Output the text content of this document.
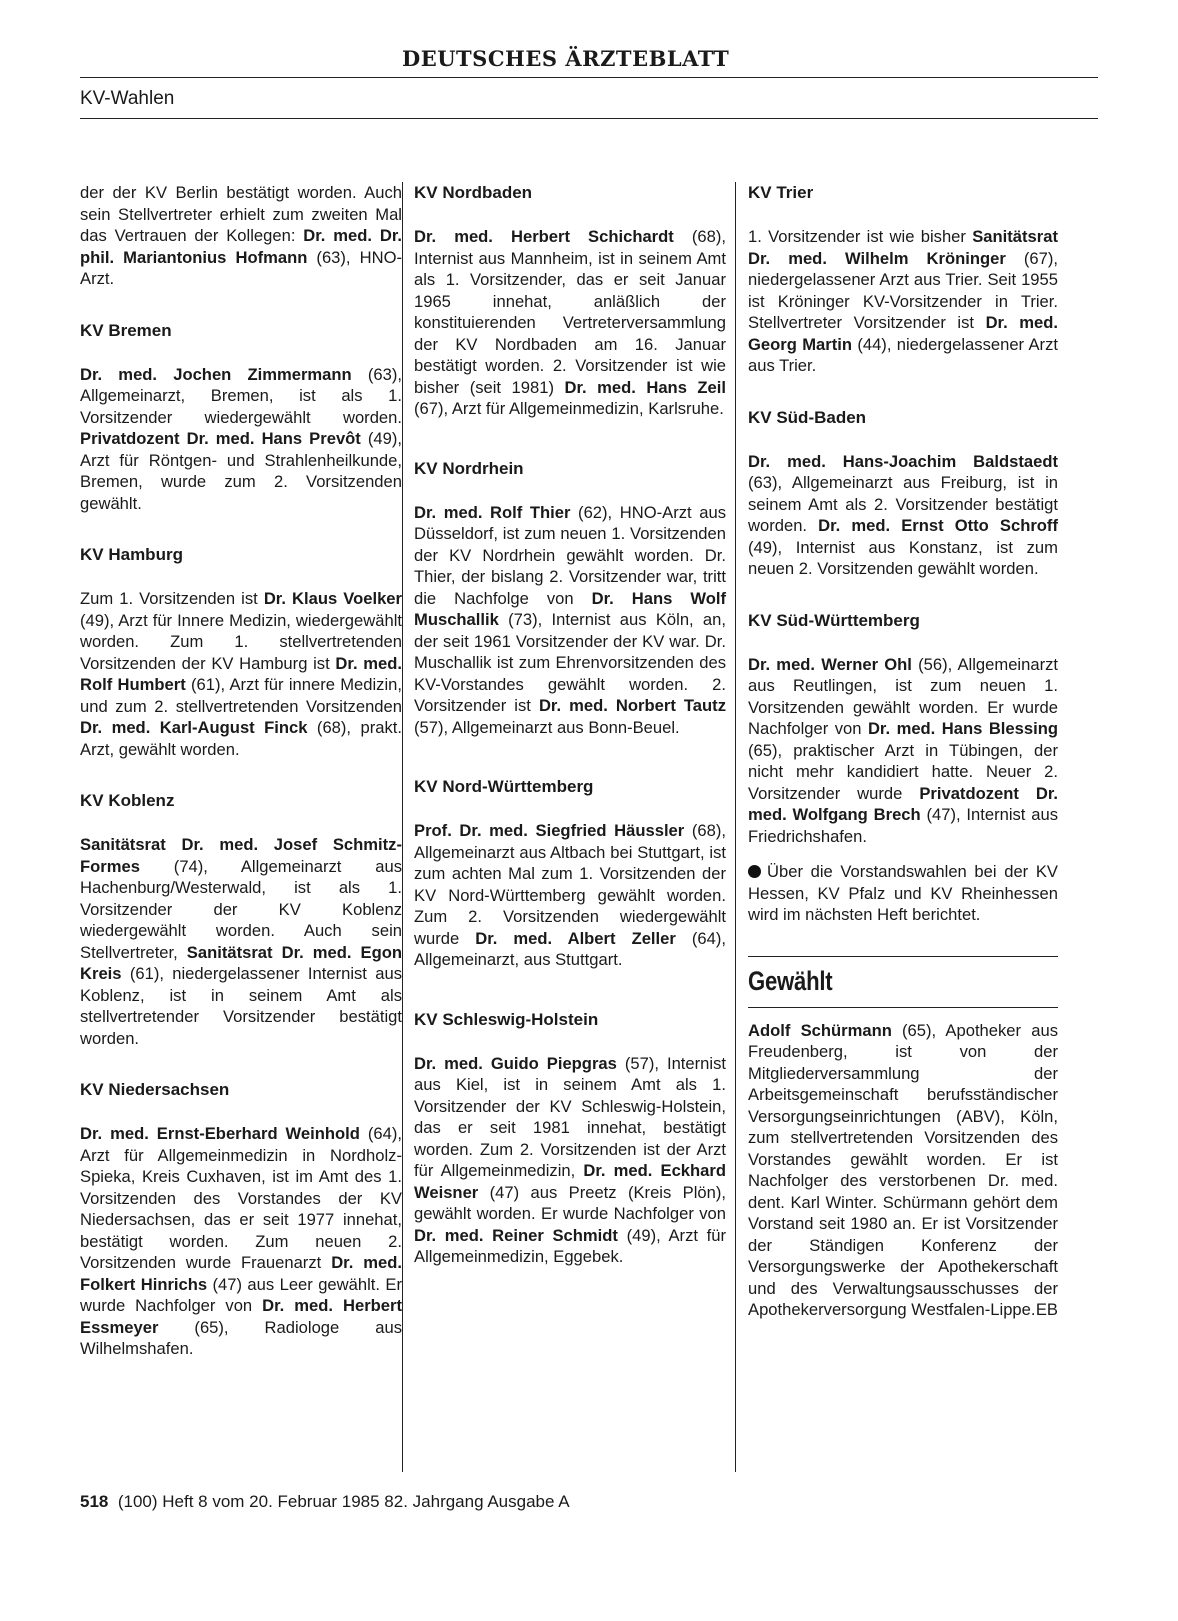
DEUTSCHES ÄRZTEBLATT
KV-Wahlen

der der KV Berlin bestätigt worden. Auch sein Stellvertreter erhielt zum zweiten Mal das Vertrauen der Kollegen: Dr. med. Dr. phil. Mariantonius Hofmann (63), HNO-Arzt.

KV Bremen

Dr. med. Jochen Zimmermann (63), Allgemeinarzt, Bremen, ist als 1. Vorsitzender wiedergewählt worden. Privatdozent Dr. med. Hans Prevôt (49), Arzt für Röntgen- und Strahlenheilkunde, Bremen, wurde zum 2. Vorsitzenden gewählt.

KV Hamburg

Zum 1. Vorsitzenden ist Dr. Klaus Voelker (49), Arzt für Innere Medizin, wiedergewählt worden. Zum 1. stellvertretenden Vorsitzenden der KV Hamburg ist Dr. med. Rolf Humbert (61), Arzt für innere Medizin, und zum 2. stellvertretenden Vorsitzenden Dr. med. Karl-August Finck (68), prakt. Arzt, gewählt worden.

KV Koblenz

Sanitätsrat Dr. med. Josef Schmitz-Formes (74), Allgemeinarzt aus Hachenburg/Westerwald, ist als 1. Vorsitzender der KV Koblenz wiedergewählt worden. Auch sein Stellvertreter, Sanitätsrat Dr. med. Egon Kreis (61), niedergelassener Internist aus Koblenz, ist in seinem Amt als stellvertretender Vorsitzender bestätigt worden.

KV Niedersachsen

Dr. med. Ernst-Eberhard Weinhold (64), Arzt für Allgemeinmedizin in Nordholz-Spieka, Kreis Cuxhaven, ist im Amt des 1. Vorsitzenden des Vorstandes der KV Niedersachsen, das er seit 1977 innehat, bestätigt worden. Zum neuen 2. Vorsitzenden wurde Frauenarzt Dr. med. Folkert Hinrichs (47) aus Leer gewählt. Er wurde Nachfolger von Dr. med. Herbert Essmeyer (65), Radiologe aus Wilhelmshafen.

KV Nordbaden

Dr. med. Herbert Schichardt (68), Internist aus Mannheim, ist in seinem Amt als 1. Vorsitzender, das er seit Januar 1965 innehat, anläßlich der konstituierenden Vertreterversammlung der KV Nordbaden am 16. Januar bestätigt worden. 2. Vorsitzender ist wie bisher (seit 1981) Dr. med. Hans Zeil (67), Arzt für Allgemeinmedizin, Karlsruhe.

KV Nordrhein

Dr. med. Rolf Thier (62), HNO-Arzt aus Düsseldorf, ist zum neuen 1. Vorsitzenden der KV Nordrhein gewählt worden. Dr. Thier, der bislang 2. Vorsitzender war, tritt die Nachfolge von Dr. Hans Wolf Muschallik (73), Internist aus Köln, an, der seit 1961 Vorsitzender der KV war. Dr. Muschallik ist zum Ehrenvorsitzenden des KV-Vorstandes gewählt worden. 2. Vorsitzender ist Dr. med. Norbert Tautz (57), Allgemeinarzt aus Bonn-Beuel.

KV Nord-Württemberg

Prof. Dr. med. Siegfried Häussler (68), Allgemeinarzt aus Altbach bei Stuttgart, ist zum achten Mal zum 1. Vorsitzenden der KV Nord-Württemberg gewählt worden. Zum 2. Vorsitzenden wiedergewählt wurde Dr. med. Albert Zeller (64), Allgemeinarzt, aus Stuttgart.

KV Schleswig-Holstein

Dr. med. Guido Piepgras (57), Internist aus Kiel, ist in seinem Amt als 1. Vorsitzender der KV Schleswig-Holstein, das er seit 1981 innehat, bestätigt worden. Zum 2. Vorsitzenden ist der Arzt für Allgemeinmedizin, Dr. med. Eckhard Weisner (47) aus Preetz (Kreis Plön), gewählt worden. Er wurde Nachfolger von Dr. med. Reiner Schmidt (49), Arzt für Allgemeinmedizin, Eggebek.

KV Trier

1. Vorsitzender ist wie bisher Sanitätsrat Dr. med. Wilhelm Kröninger (67), niedergelassener Arzt aus Trier. Seit 1955 ist Kröninger KV-Vorsitzender in Trier. Stellvertreter Vorsitzender ist Dr. med. Georg Martin (44), niedergelassener Arzt aus Trier.

KV Süd-Baden

Dr. med. Hans-Joachim Baldstaedt (63), Allgemeinarzt aus Freiburg, ist in seinem Amt als 2. Vorsitzender bestätigt worden. Dr. med. Ernst Otto Schroff (49), Internist aus Konstanz, ist zum neuen 2. Vorsitzenden gewählt worden.

KV Süd-Württemberg

Dr. med. Werner Ohl (56), Allgemeinarzt aus Reutlingen, ist zum neuen 1. Vorsitzenden gewählt worden. Er wurde Nachfolger von Dr. med. Hans Blessing (65), praktischer Arzt in Tübingen, der nicht mehr kandidiert hatte. Neuer 2. Vorsitzender wurde Privatdozent Dr. med. Wolfgang Brech (47), Internist aus Friedrichshafen.

Über die Vorstandswahlen bei der KV Hessen, KV Pfalz und KV Rheinhessen wird im nächsten Heft berichtet.

Gewählt

Adolf Schürmann (65), Apotheker aus Freudenberg, ist von der Mitgliederversammlung der Arbeitsgemeinschaft berufsständischer Versorgungseinrichtungen (ABV), Köln, zum stellvertretenden Vorsitzenden des Vorstandes gewählt worden. Er ist Nachfolger des verstorbenen Dr. med. dent. Karl Winter. Schürmann gehört dem Vorstand seit 1980 an. Er ist Vorsitzender der Ständigen Konferenz der Versorgungswerke der Apothekerschaft und des Verwaltungsausschusses der Apothekerversorgung Westfalen-Lippe. EB

518 (100) Heft 8 vom 20. Februar 1985 82. Jahrgang Ausgabe A
